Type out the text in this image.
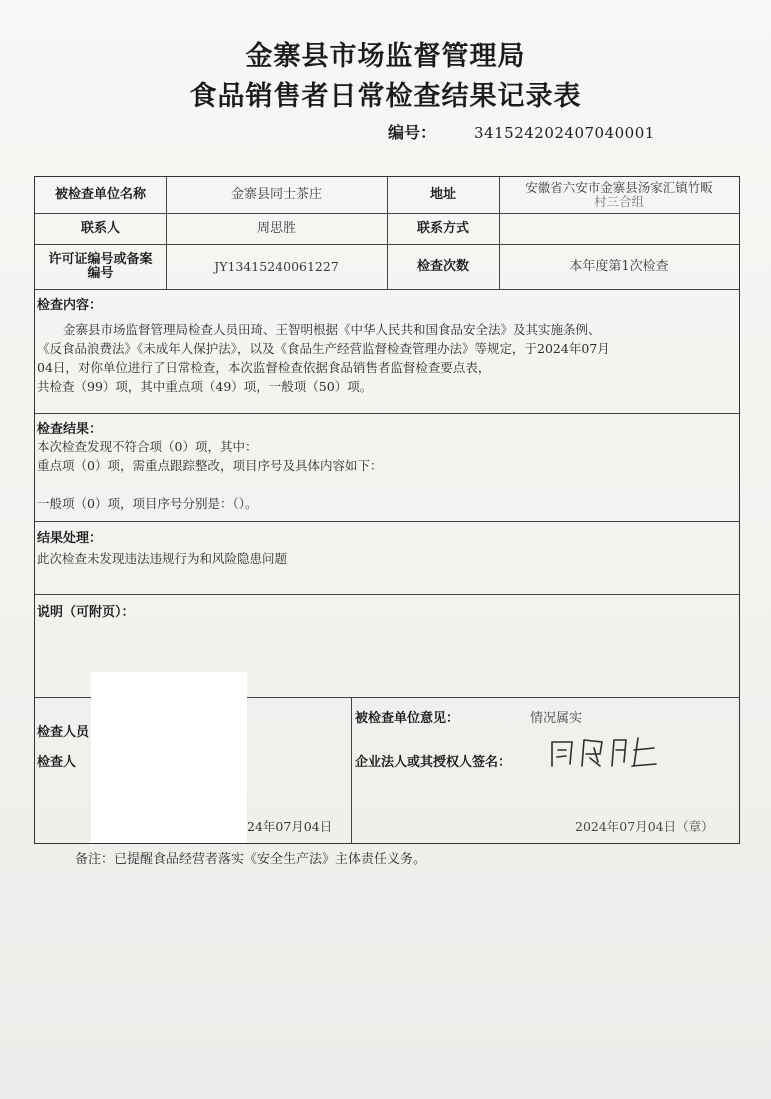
金寨县市场监督管理局
食品销售者日常检查结果记录表
编号：	341524202407040001
被检查单位名称	金寨县同士茶庄	地址	安徽省六安市金寨县汤家汇镇竹畈
村三合组
联系人	周思胜	联系方式
许可证编号或备案
编号	JY13415240061227	检查次数	本年度第1次检查
检查内容：
金寨县市场监督管理局检查人员田琦、王智明根据《中华人民共和国食品安全法》及其实施条例、
《反食品浪费法》《未成年人保护法》，以及《食品生产经营监督检查管理办法》等规定，于2024年07月
04日，对你单位进行了日常检查，本次监督检查依据食品销售者监督检查要点表，
共检查（99）项，其中重点项（49）项，一般项（50）项。
检查结果：
本次检查发现不符合项（0）项，其中：
重点项（0）项，需重点跟踪整改，项目序号及具体内容如下：
一般项（0）项，项目序号分别是：（）。
结果处理：
此次检查未发现违法违规行为和风险隐患问题
说明（可附页）：
检查人员
检查人
24年07月04日
被检查单位意见：	情况属实
企业法人或其授权人签名：
2024年07月04日（章）
备注：已提醒食品经营者落实《安全生产法》主体责任义务。
